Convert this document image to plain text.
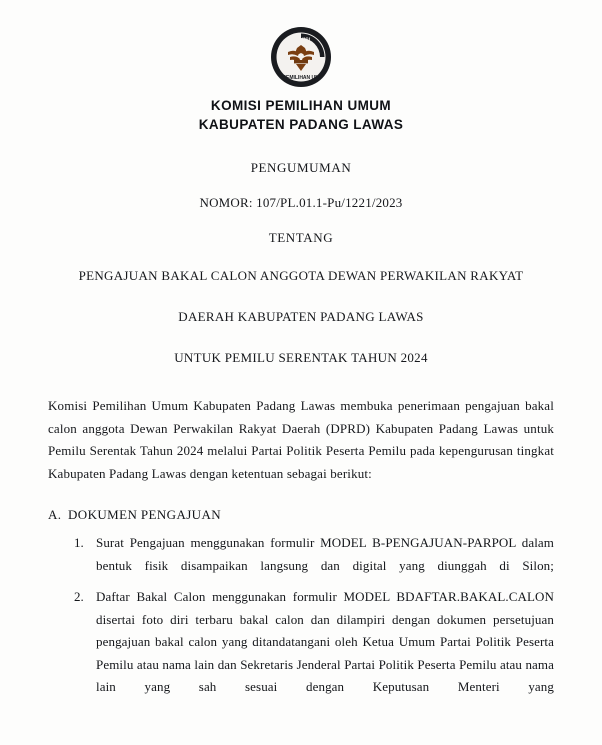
KOMISI
PEMILIHAN UM
KOMISI PEMILIHAN UMUM
KABUPATEN PADANG LAWAS
PENGUMUMAN
NOMOR: 107/PL.01.1-Pu/1221/2023
TENTANG
PENGAJUAN BAKAL CALON ANGGOTA DEWAN PERWAKILAN RAKYAT
DAERAH KABUPATEN PADANG LAWAS
UNTUK PEMILU SERENTAK TAHUN 2024
Komisi Pemilihan Umum Kabupaten Padang Lawas membuka penerimaan pengajuan bakal calon anggota Dewan Perwakilan Rakyat Daerah (DPRD) Kabupaten Padang Lawas untuk Pemilu Serentak Tahun 2024 melalui Partai Politik Peserta Pemilu pada kepengurusan tingkat Kabupaten Padang Lawas dengan ketentuan sebagai berikut:
A. DOKUMEN PENGAJUAN
1. Surat Pengajuan menggunakan formulir MODEL B-PENGAJUAN-PARPOL dalam bentuk fisik disampaikan langsung dan digital yang diunggah di Silon;
2. Daftar Bakal Calon menggunakan formulir MODEL BDAFTAR.BAKAL.CALON disertai foto diri terbaru bakal calon dan dilampiri dengan dokumen persetujuan pengajuan bakal calon yang ditandatangani oleh Ketua Umum Partai Politik Peserta Pemilu atau nama lain dan Sekretaris Jenderal Partai Politik Peserta Pemilu atau nama lain yang sah sesuai dengan Keputusan Menteri yang
